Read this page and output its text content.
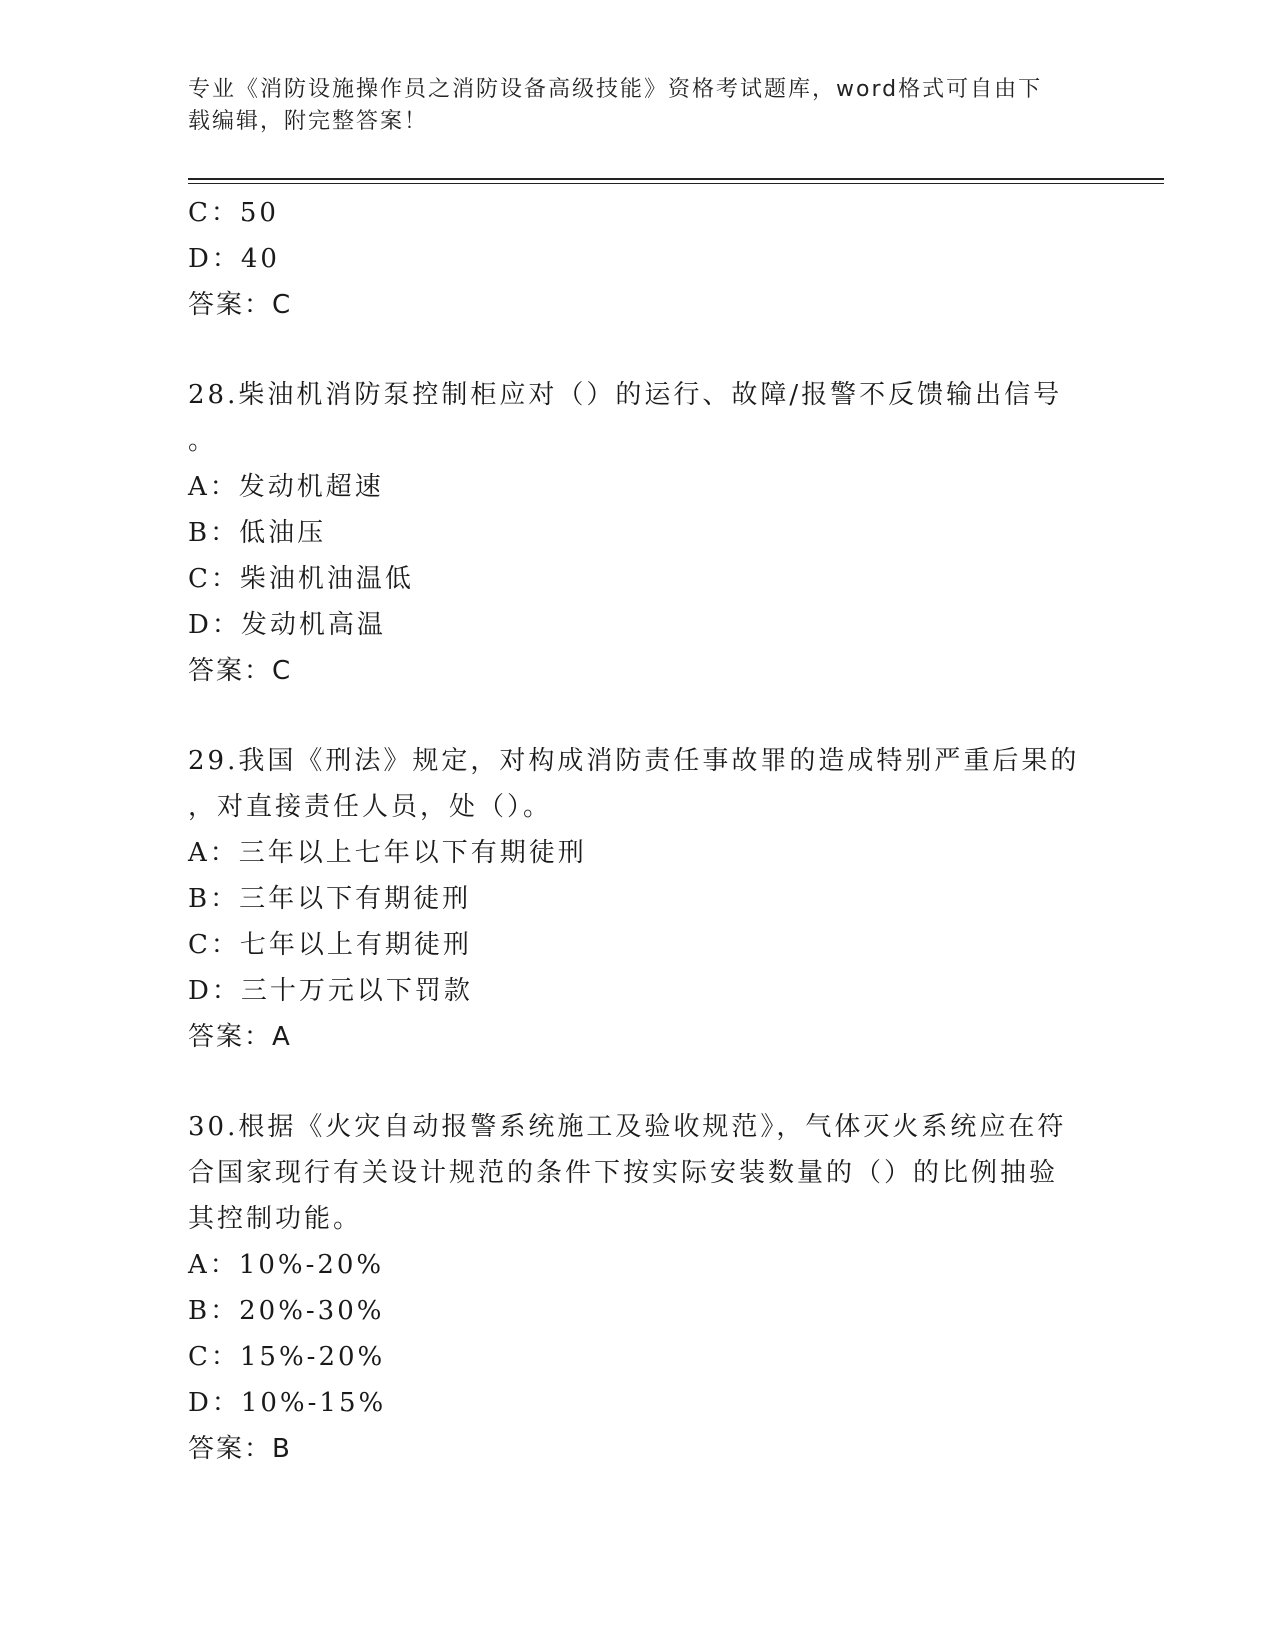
专业《消防设施操作员之消防设备高级技能》资格考试题库，word格式可自由下
载编辑，附完整答案！
C：50
D：40
答案：C
28.柴油机消防泵控制柜应对（）的运行、故障/报警不反馈输出信号
。
A：发动机超速
B：低油压
C：柴油机油温低
D：发动机高温
答案：C
29.我国《刑法》规定，对构成消防责任事故罪的造成特别严重后果的
，对直接责任人员，处（）。
A：三年以上七年以下有期徒刑
B：三年以下有期徒刑
C：七年以上有期徒刑
D：三十万元以下罚款
答案：A
30.根据《火灾自动报警系统施工及验收规范》，气体灭火系统应在符
合国家现行有关设计规范的条件下按实际安装数量的（）的比例抽验
其控制功能。
A：10%-20%
B：20%-30%
C：15%-20%
D：10%-15%
答案：B
